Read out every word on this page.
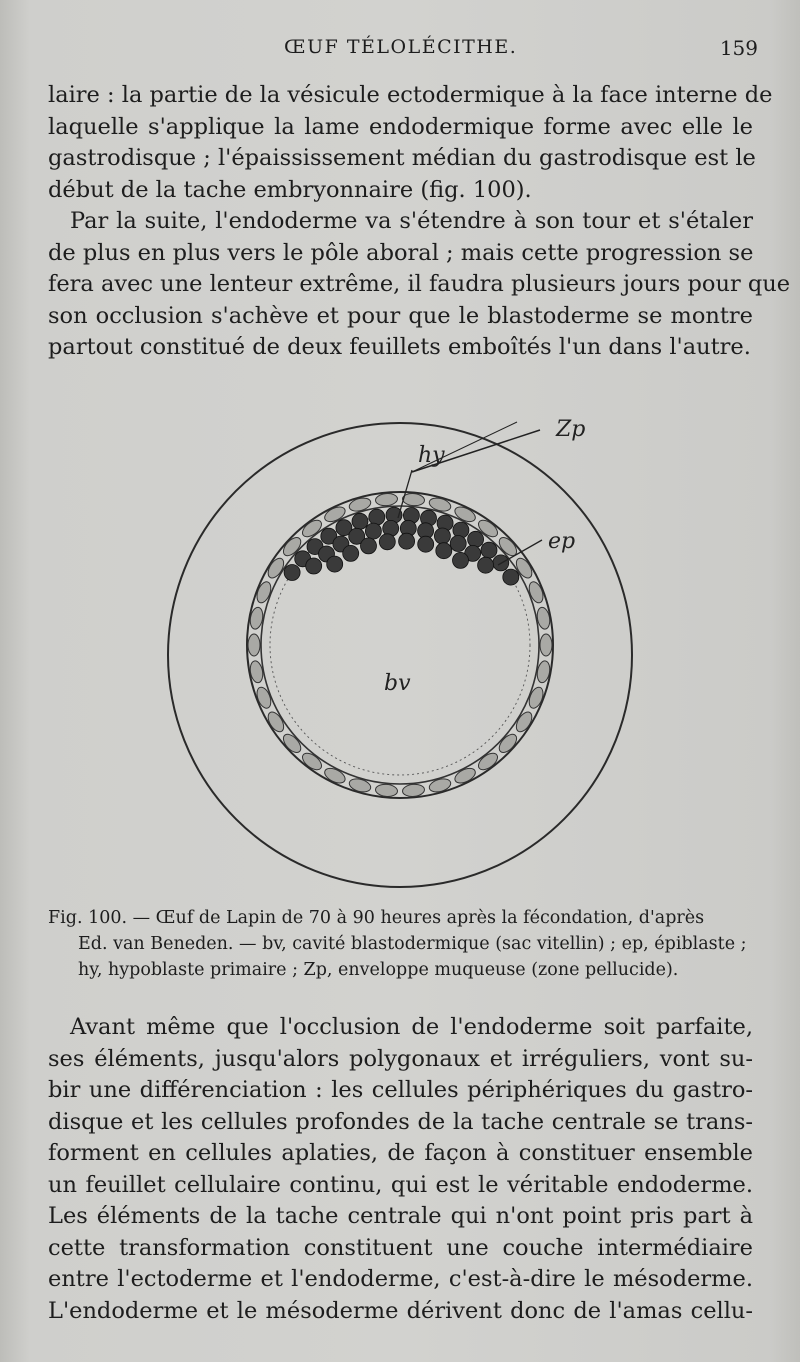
ŒUF TÉLOLÉCITHE.	159
laire : la partie de la vésicule ectodermique à la face interne de
laquelle s'applique la lame endodermique forme avec elle le
gastrodisque ; l'épaississement médian du gastrodisque est le
début de la tache embryonnaire (fig. 100).
Par la suite, l'endoderme va s'étendre à son tour et s'étaler
de plus en plus vers le pôle aboral ; mais cette progression se
fera avec une lenteur extrême, il faudra plusieurs jours pour que
son occlusion s'achève et pour que le blastoderme se montre
partout constitué de deux feuillets emboîtés l'un dans l'autre.
Zp
hy
ep
bv
Fig. 100. — Œuf de Lapin de 70 à 90 heures après la fécondation, d'après
Ed. van Beneden. — bv, cavité blastodermique (sac vitellin) ; ep, épiblaste ;
hy, hypoblaste primaire ; Zp, enveloppe muqueuse (zone pellucide).
Avant même que l'occlusion de l'endoderme soit parfaite,
ses éléments, jusqu'alors polygonaux et irréguliers, vont su-
bir une différenciation : les cellules périphériques du gastro-
disque et les cellules profondes de la tache centrale se trans-
forment en cellules aplaties, de façon à constituer ensemble
un feuillet cellulaire continu, qui est le véritable endoderme.
Les éléments de la tache centrale qui n'ont point pris part à
cette transformation constituent une couche intermédiaire
entre l'ectoderme et l'endoderme, c'est-à-dire le mésoderme.
L'endoderme et le mésoderme dérivent donc de l'amas cellu-
